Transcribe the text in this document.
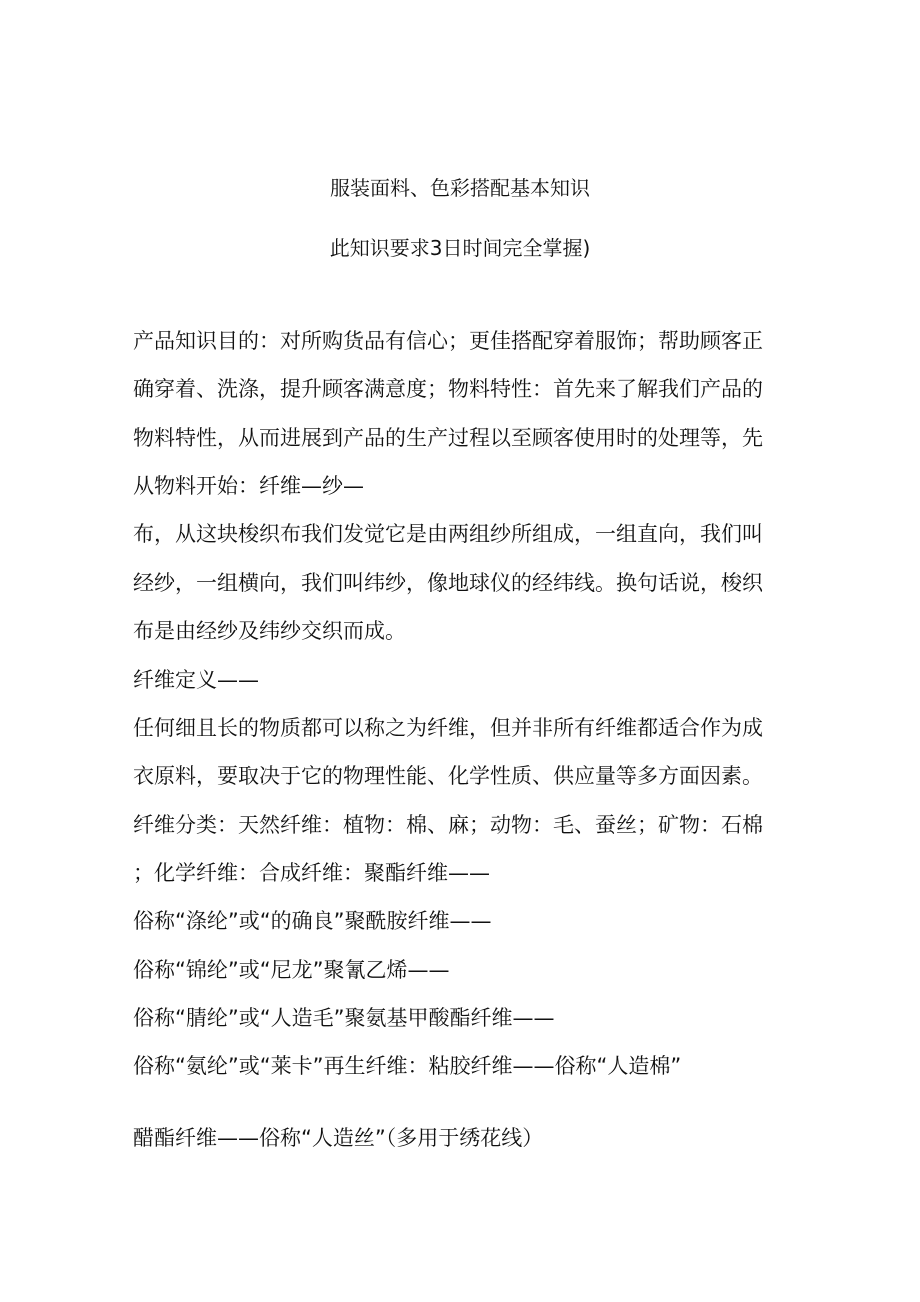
服装面料、色彩搭配基本知识
此知识要求3日时间完全掌握)
产品知识目的：对所购货品有信心；更佳搭配穿着服饰；帮助顾客正
确穿着、洗涤，提升顾客满意度；物料特性：首先来了解我们产品的
物料特性，从而进展到产品的生产过程以至顾客使用时的处理等，先
从物料开始：纤维—纱—
布，从这块梭织布我们发觉它是由两组纱所组成，一组直向，我们叫
经纱，一组横向，我们叫纬纱，像地球仪的经纬线。换句话说，梭织
布是由经纱及纬纱交织而成。
纤维定义——
任何细且长的物质都可以称之为纤维，但并非所有纤维都适合作为成
衣原料，要取决于它的物理性能、化学性质、供应量等多方面因素。
纤维分类：天然纤维：植物：棉、麻；动物：毛、蚕丝；矿物：石棉
；化学纤维：合成纤维：聚酯纤维——
俗称“涤纶”或“的确良”聚酰胺纤维——
俗称“锦纶”或“尼龙”聚氰乙烯——
俗称“腈纶”或“人造毛”聚氨基甲酸酯纤维——
俗称“氨纶”或“莱卡”再生纤维：粘胶纤维——俗称“人造棉”
醋酯纤维——俗称“人造丝”（多用于绣花线）
